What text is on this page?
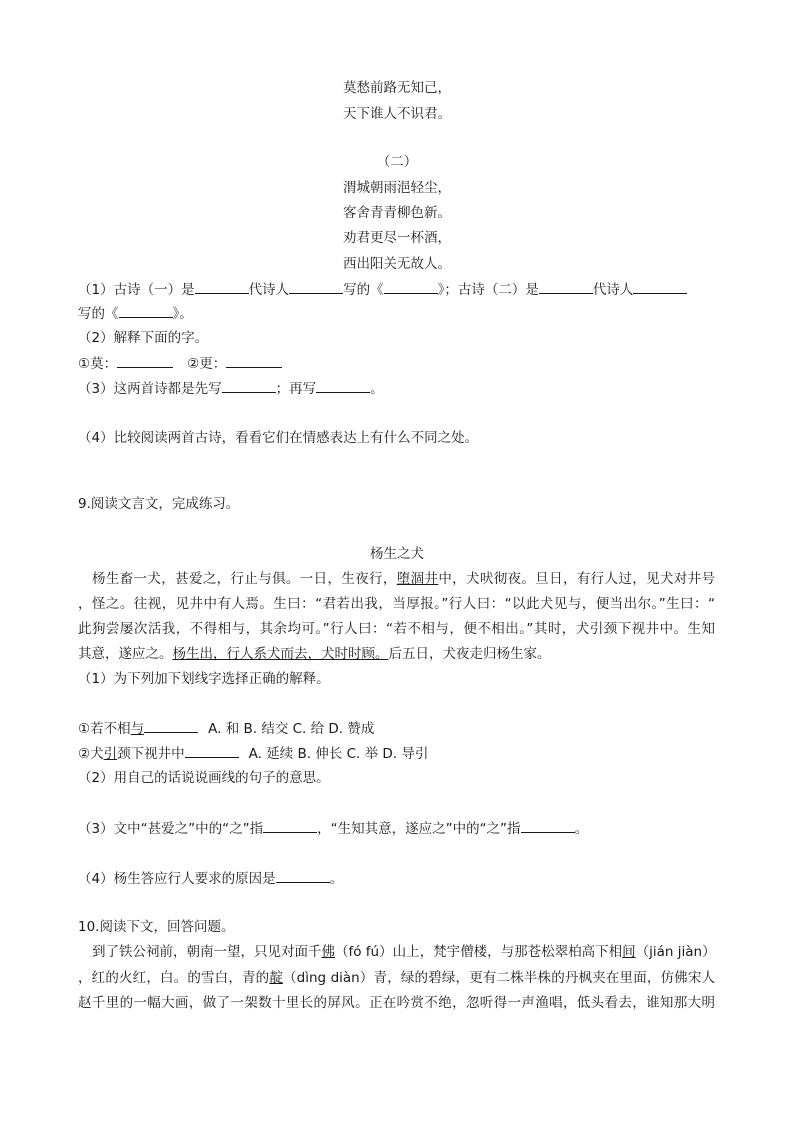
莫愁前路无知己，
天下谁人不识君。
（二）
渭城朝雨浥轻尘，
客舍青青柳色新。
劝君更尽一杯酒，
西出阳关无故人。
（1）古诗（一）是	代诗人	写的《	》；古诗（二）是	代诗人
写的《	》。
（2）解释下面的字。
①莫：	②更：
（3）这两首诗都是先写	；再写	。
（4）比较阅读两首古诗，看看它们在情感表达上有什么不同之处。
9.阅读文言文，完成练习。
杨生之犬
杨生畜一犬，甚爱之，行止与俱。一日，生夜行，堕涸井中，犬吠彻夜。旦日，有行人过，见犬对井号
，怪之。往视，见井中有人焉。生曰：“君若出我，当厚报。”行人曰：“以此犬见与，便当出尔。”生曰：“
此狗尝屡次活我，不得相与，其余均可。”行人曰：“若不相与，便不相出。”其时，犬引颈下视井中。生知
其意，遂应之。杨生出，行人系犬而去，犬时时顾。后五日，犬夜走归杨生家。
（1）为下列加下划线字选择正确的解释。
①若不相与	A. 和 B. 结交 C. 给 D. 赞成
②犬引颈下视井中	A. 延续 B. 伸长 C. 举 D. 导引
（2）用自己的话说说画线的句子的意思。
（3）文中“甚爱之”中的“之”指	，“生知其意，遂应之”中的“之”指	。
（4）杨生答应行人要求的原因是	。
10.阅读下文，回答问题。
到了铁公祠前，朝南一望，只见对面千佛（fó fú）山上，梵宇僧楼，与那苍松翠柏高下相间（jián jiàn）
，红的火红，白。的雪白，青的靛（dìng diàn）青，绿的碧绿，更有二株半株的丹枫夹在里面，仿佛宋人
赵千里的一幅大画，做了一架数十里长的屏风。正在吟赏不绝，忽听得一声渔唱，低头看去，谁知那大明
